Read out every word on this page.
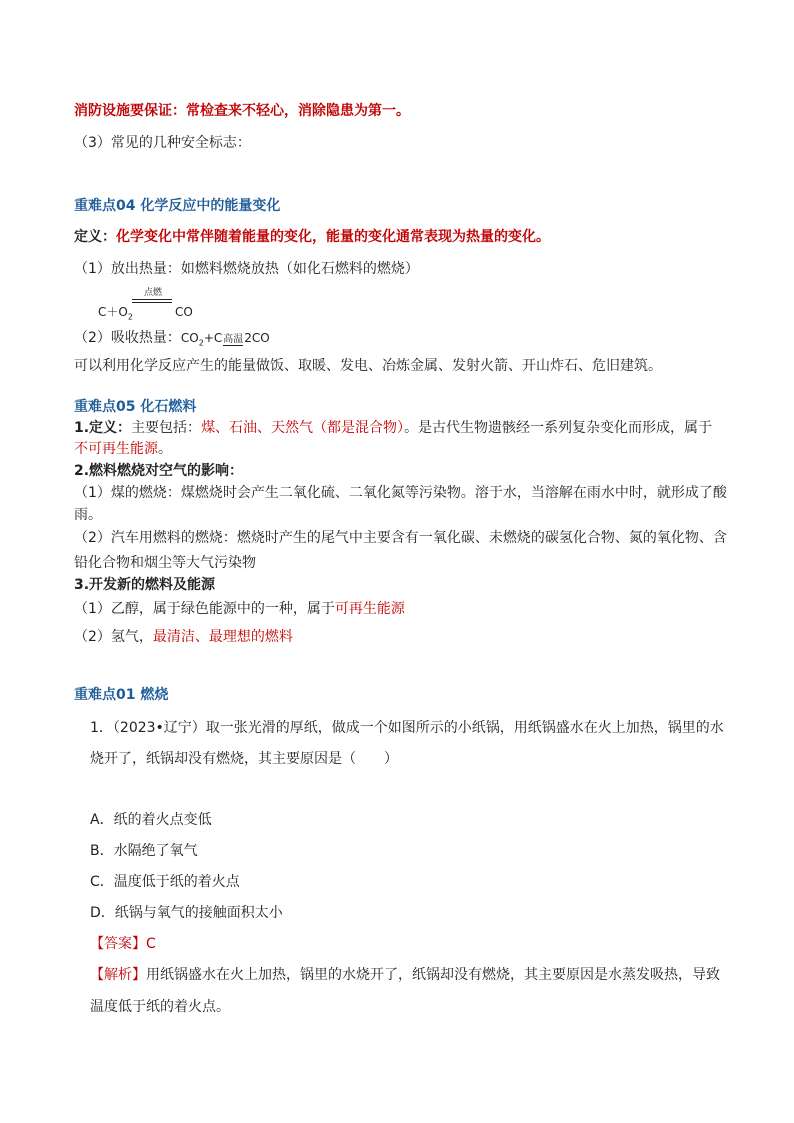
消防设施要保证：常检查来不轻心，消除隐患为第一。
（3）常见的几种安全标志：
重难点04 化学反应中的能量变化
定义：化学变化中常伴随着能量的变化，能量的变化通常表现为热量的变化。
（1）放出热量：如燃料燃烧放热（如化石燃料的燃烧）
点燃
$C+O_2$	CO
（2）吸收热量：$CO_2+C$高温2CO
可以利用化学反应产生的能量做饭、取暖、发电、冶炼金属、发射火箭、开山炸石、危旧建筑。
重难点05 化石燃料
1.定义：主要包括：煤、石油、天然气（都是混合物）。是古代生物遗骸经一系列复杂变化而形成，属于
不可再生能源。
2.燃料燃烧对空气的影响：
（1）煤的燃烧：煤燃烧时会产生二氧化硫、二氧化氮等污染物。溶于水，当溶解在雨水中时，就形成了酸
雨。
（2）汽车用燃料的燃烧：燃烧时产生的尾气中主要含有一氧化碳、未燃烧的碳氢化合物、氮的氧化物、含
铅化合物和烟尘等大气污染物
3.开发新的燃料及能源
（1）乙醇，属于绿色能源中的一种，属于可再生能源
（2）氢气，最清洁、最理想的燃料
重难点01 燃烧
1．（2023•辽宁）取一张光滑的厚纸，做成一个如图所示的小纸锅，用纸锅盛水在火上加热，锅里的水
烧开了，纸锅却没有燃烧，其主要原因是（　　）
A．纸的着火点变低
B．水隔绝了氧气
C．温度低于纸的着火点
D．纸锅与氧气的接触面积太小
【答案】C
【解析】用纸锅盛水在火上加热，锅里的水烧开了，纸锅却没有燃烧，其主要原因是水蒸发吸热，导致
温度低于纸的着火点。
